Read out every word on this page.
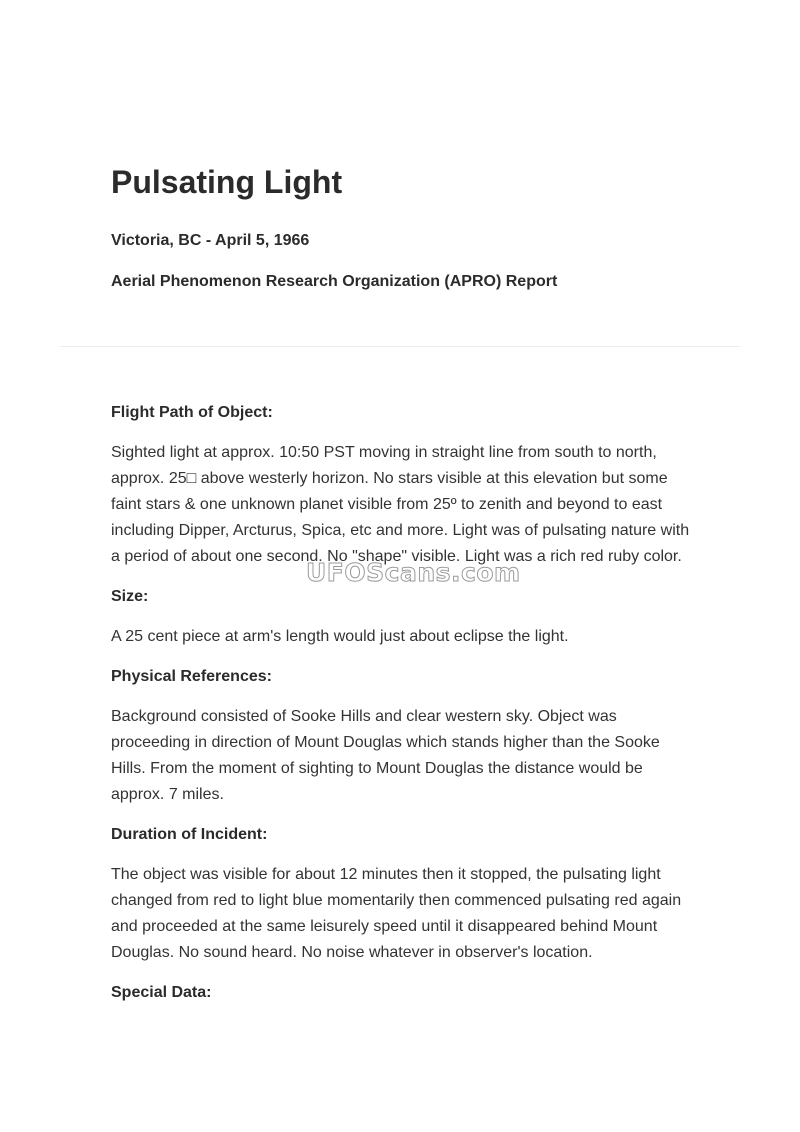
Pulsating Light

Victoria, BC - April 5, 1966

Aerial Phenomenon Research Organization (APRO) Report

Flight Path of Object:

Sighted light at approx. 10:50 PST moving in straight line from south to north, approx. 25□ above westerly horizon. No stars visible at this elevation but some faint stars & one unknown planet visible from 25º to zenith and beyond to east including Dipper, Arcturus, Spica, etc and more. Light was of pulsating nature with a period of about one second. No "shape" visible. Light was a rich red ruby color.

Size:

A 25 cent piece at arm's length would just about eclipse the light.

Physical References:

Background consisted of Sooke Hills and clear western sky. Object was proceeding in direction of Mount Douglas which stands higher than the Sooke Hills. From the moment of sighting to Mount Douglas the distance would be approx. 7 miles.

Duration of Incident:

The object was visible for about 12 minutes then it stopped, the pulsating light changed from red to light blue momentarily then commenced pulsating red again and proceeded at the same leisurely speed until it disappeared behind Mount Douglas. No sound heard. No noise whatever in observer's location.

Special Data:

UFOScans.com
